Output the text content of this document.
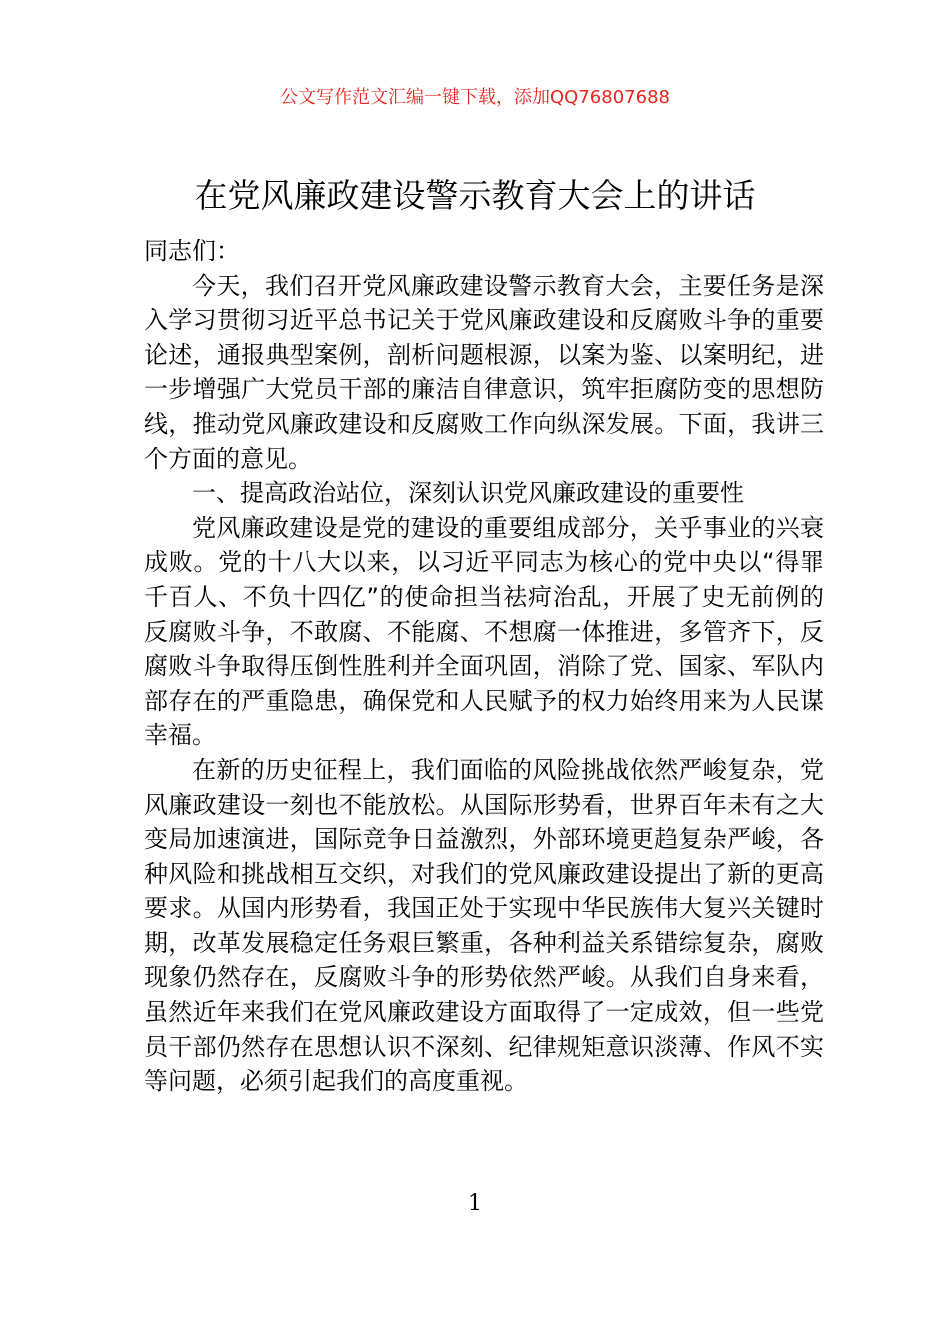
公文写作范文汇编一键下载，添加QQ76807688
在党风廉政建设警示教育大会上的讲话

同志们：

今天，我们召开党风廉政建设警示教育大会，主要任务是深入学习贯彻习近平总书记关于党风廉政建设和反腐败斗争的重要论述，通报典型案例，剖析问题根源，以案为鉴、以案明纪，进一步增强广大党员干部的廉洁自律意识，筑牢拒腐防变的思想防线，推动党风廉政建设和反腐败工作向纵深发展。下面，我讲三个方面的意见。

一、提高政治站位，深刻认识党风廉政建设的重要性

党风廉政建设是党的建设的重要组成部分，关乎事业的兴衰成败。党的十八大以来，以习近平同志为核心的党中央以“得罪千百人、不负十四亿”的使命担当祛疴治乱，开展了史无前例的反腐败斗争，不敢腐、不能腐、不想腐一体推进，多管齐下，反腐败斗争取得压倒性胜利并全面巩固，消除了党、国家、军队内部存在的严重隐患，确保党和人民赋予的权力始终用来为人民谋幸福。

在新的历史征程上，我们面临的风险挑战依然严峻复杂，党风廉政建设一刻也不能放松。从国际形势看，世界百年未有之大变局加速演进，国际竞争日益激烈，外部环境更趋复杂严峻，各种风险和挑战相互交织，对我们的党风廉政建设提出了新的更高要求。从国内形势看，我国正处于实现中华民族伟大复兴关键时期，改革发展稳定任务艰巨繁重，各种利益关系错综复杂，腐败现象仍然存在，反腐败斗争的形势依然严峻。从我们自身来看，虽然近年来我们在党风廉政建设方面取得了一定成效，但一些党员干部仍然存在思想认识不深刻、纪律规矩意识淡薄、作风不实等问题，必须引起我们的高度重视。

1
